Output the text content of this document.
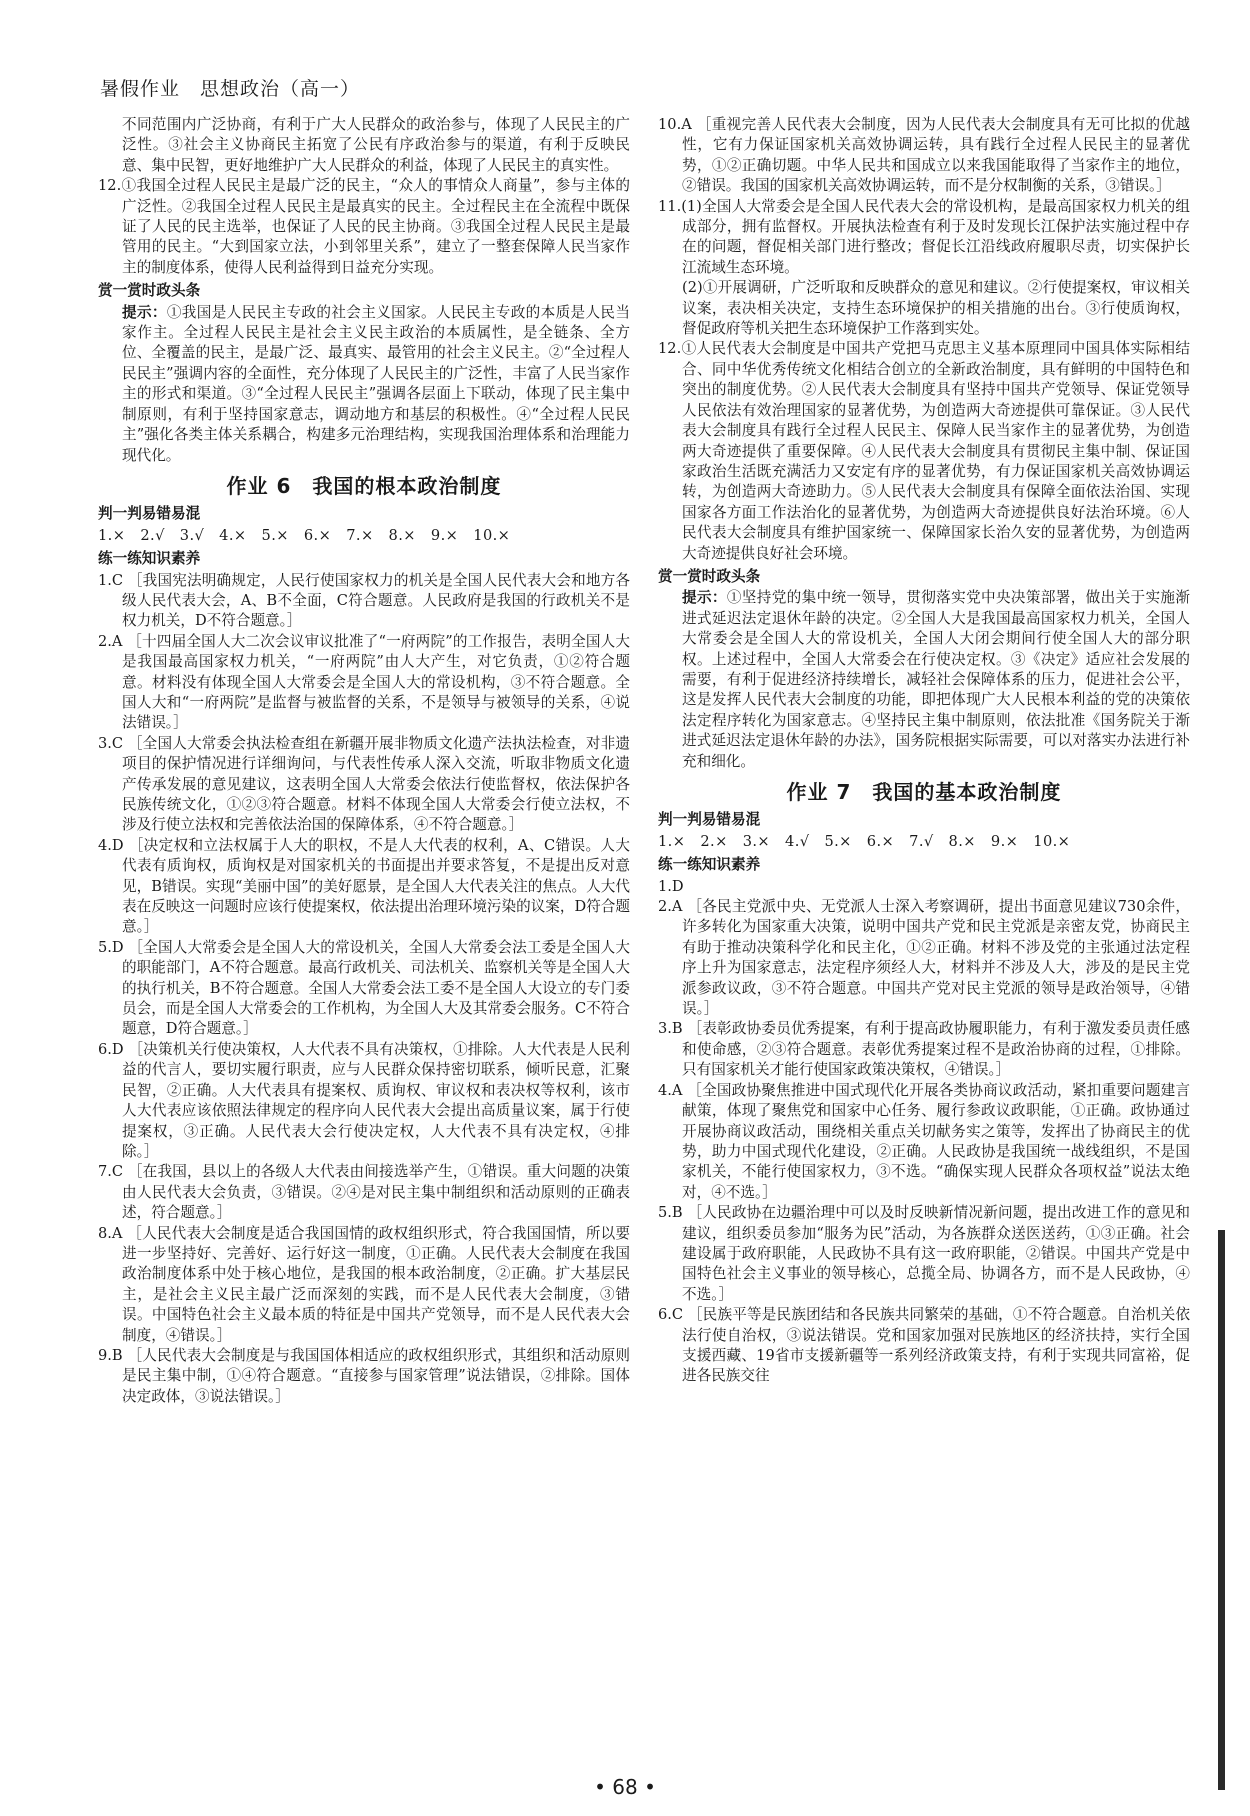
暑假作业　思想政治（高一）

不同范围内广泛协商，有利于广大人民群众的政治参与，体现了人民民主的广泛性。③社会主义协商民主拓宽了公民有序政治参与的渠道，有利于反映民意、集中民智，更好地维护广大人民群众的利益，体现了人民民主的真实性。

12.①我国全过程人民民主是最广泛的民主，“众人的事情众人商量”，参与主体的广泛性。②我国全过程人民民主是最真实的民主。全过程民主在全流程中既保证了人民的民主选举，也保证了人民的民主协商。③我国全过程人民民主是最管用的民主。“大到国家立法，小到邻里关系”，建立了一整套保障人民当家作主的制度体系，使得人民利益得到日益充分实现。

赏一赏时政头条

提示：①我国是人民民主专政的社会主义国家。人民民主专政的本质是人民当家作主。全过程人民民主是社会主义民主政治的本质属性，是全链条、全方位、全覆盖的民主，是最广泛、最真实、最管用的社会主义民主。②“全过程人民民主”强调内容的全面性，充分体现了人民民主的广泛性，丰富了人民当家作主的形式和渠道。③“全过程人民民主”强调各层面上下联动，体现了民主集中制原则，有利于坚持国家意志，调动地方和基层的积极性。④“全过程人民民主”强化各类主体关系耦合，构建多元治理结构，实现我国治理体系和治理能力现代化。

作业 6　我国的根本政治制度

判一判易错易混

1.×　2.√　3.√　4.×　5.×　6.×　7.×　8.×　9.×　10.×

练一练知识素养

1.C ［我国宪法明确规定，人民行使国家权力的机关是全国人民代表大会和地方各级人民代表大会，A、B不全面，C符合题意。人民政府是我国的行政机关不是权力机关，D不符合题意。］

2.A ［十四届全国人大二次会议审议批准了“一府两院”的工作报告，表明全国人大是我国最高国家权力机关，“一府两院”由人大产生，对它负责，①②符合题意。材料没有体现全国人大常委会是全国人大的常设机构，③不符合题意。全国人大和“一府两院”是监督与被监督的关系，不是领导与被领导的关系，④说法错误。］

3.C ［全国人大常委会执法检查组在新疆开展非物质文化遗产法执法检查，对非遗项目的保护情况进行详细询问，与代表性传承人深入交流，听取非物质文化遗产传承发展的意见建议，这表明全国人大常委会依法行使监督权，依法保护各民族传统文化，①②③符合题意。材料不体现全国人大常委会行使立法权，不涉及行使立法权和完善依法治国的保障体系，④不符合题意。］

4.D ［决定权和立法权属于人大的职权，不是人大代表的权利，A、C错误。人大代表有质询权，质询权是对国家机关的书面提出并要求答复，不是提出反对意见，B错误。实现“美丽中国”的美好愿景，是全国人大代表关注的焦点。人大代表在反映这一问题时应该行使提案权，依法提出治理环境污染的议案，D符合题意。］

5.D ［全国人大常委会是全国人大的常设机关，全国人大常委会法工委是全国人大的职能部门，A不符合题意。最高行政机关、司法机关、监察机关等是全国人大的执行机关，B不符合题意。全国人大常委会法工委不是全国人大设立的专门委员会，而是全国人大常委会的工作机构，为全国人大及其常委会服务。C不符合题意，D符合题意。］

6.D ［决策机关行使决策权，人大代表不具有决策权，①排除。人大代表是人民利益的代言人，要切实履行职责，应与人民群众保持密切联系，倾听民意，汇聚民智，②正确。人大代表具有提案权、质询权、审议权和表决权等权利，该市人大代表应该依照法律规定的程序向人民代表大会提出高质量议案，属于行使提案权，③正确。人民代表大会行使决定权，人大代表不具有决定权，④排除。］

7.C ［在我国，县以上的各级人大代表由间接选举产生，①错误。重大问题的决策由人民代表大会负责，③错误。②④是对民主集中制组织和活动原则的正确表述，符合题意。］

8.A ［人民代表大会制度是适合我国国情的政权组织形式，符合我国国情，所以要进一步坚持好、完善好、运行好这一制度，①正确。人民代表大会制度在我国政治制度体系中处于核心地位，是我国的根本政治制度，②正确。扩大基层民主，是社会主义民主最广泛而深刻的实践，而不是人民代表大会制度，③错误。中国特色社会主义最本质的特征是中国共产党领导，而不是人民代表大会制度，④错误。］

9.B ［人民代表大会制度是与我国国体相适应的政权组织形式，其组织和活动原则是民主集中制，①④符合题意。“直接参与国家管理”说法错误，②排除。国体决定政体，③说法错误。］

10.A ［重视完善人民代表大会制度，因为人民代表大会制度具有无可比拟的优越性，它有力保证国家机关高效协调运转，具有践行全过程人民民主的显著优势，①②正确切题。中华人民共和国成立以来我国能取得了当家作主的地位，②错误。我国的国家机关高效协调运转，而不是分权制衡的关系，③错误。］

11.(1)全国人大常委会是全国人民代表大会的常设机构，是最高国家权力机关的组成部分，拥有监督权。开展执法检查有利于及时发现长江保护法实施过程中存在的问题，督促相关部门进行整改；督促长江沿线政府履职尽责，切实保护长江流域生态环境。

(2)①开展调研，广泛听取和反映群众的意见和建议。②行使提案权，审议相关议案，表决相关决定，支持生态环境保护的相关措施的出台。③行使质询权，督促政府等机关把生态环境保护工作落到实处。

12.①人民代表大会制度是中国共产党把马克思主义基本原理同中国具体实际相结合、同中华优秀传统文化相结合创立的全新政治制度，具有鲜明的中国特色和突出的制度优势。②人民代表大会制度具有坚持中国共产党领导、保证党领导人民依法有效治理国家的显著优势，为创造两大奇迹提供可靠保证。③人民代表大会制度具有践行全过程人民民主、保障人民当家作主的显著优势，为创造两大奇迹提供了重要保障。④人民代表大会制度具有贯彻民主集中制、保证国家政治生活既充满活力又安定有序的显著优势，有力保证国家机关高效协调运转，为创造两大奇迹助力。⑤人民代表大会制度具有保障全面依法治国、实现国家各方面工作法治化的显著优势，为创造两大奇迹提供良好法治环境。⑥人民代表大会制度具有维护国家统一、保障国家长治久安的显著优势，为创造两大奇迹提供良好社会环境。

赏一赏时政头条

提示：①坚持党的集中统一领导，贯彻落实党中央决策部署，做出关于实施渐进式延迟法定退休年龄的决定。②全国人大是我国最高国家权力机关，全国人大常委会是全国人大的常设机关，全国人大闭会期间行使全国人大的部分职权。上述过程中，全国人大常委会在行使决定权。③《决定》适应社会发展的需要，有利于促进经济持续增长，减轻社会保障体系的压力，促进社会公平，这是发挥人民代表大会制度的功能，即把体现广大人民根本利益的党的决策依法定程序转化为国家意志。④坚持民主集中制原则，依法批准《国务院关于渐进式延迟法定退休年龄的办法》，国务院根据实际需要，可以对落实办法进行补充和细化。

作业 7　我国的基本政治制度

判一判易错易混

1.×　2.×　3.×　4.√　5.×　6.×　7.√　8.×　9.×　10.×

练一练知识素养

1.D

2.A ［各民主党派中央、无党派人士深入考察调研，提出书面意见建议730余件，许多转化为国家重大决策，说明中国共产党和民主党派是亲密友党，协商民主有助于推动决策科学化和民主化，①②正确。材料不涉及党的主张通过法定程序上升为国家意志，法定程序须经人大，材料并不涉及人大，涉及的是民主党派参政议政，③不符合题意。中国共产党对民主党派的领导是政治领导，④错误。］

3.B ［表彰政协委员优秀提案，有利于提高政协履职能力，有利于激发委员责任感和使命感，②③符合题意。表彰优秀提案过程不是政治协商的过程，①排除。只有国家机关才能行使国家政策决策权，④错误。］

4.A ［全国政协聚焦推进中国式现代化开展各类协商议政活动，紧扣重要问题建言献策，体现了聚焦党和国家中心任务、履行参政议政职能，①正确。政协通过开展协商议政活动，围绕相关重点关切献务实之策等，发挥出了协商民主的优势，助力中国式现代化建设，②正确。人民政协是我国统一战线组织，不是国家机关，不能行使国家权力，③不选。“确保实现人民群众各项权益”说法太绝对，④不选。］

5.B ［人民政协在边疆治理中可以及时反映新情况新问题，提出改进工作的意见和建议，组织委员参加“服务为民”活动，为各族群众送医送药，①③正确。社会建设属于政府职能，人民政协不具有这一政府职能，②错误。中国共产党是中国特色社会主义事业的领导核心，总揽全局、协调各方，而不是人民政协，④不选。］

6.C ［民族平等是民族团结和各民族共同繁荣的基础，①不符合题意。自治机关依法行使自治权，③说法错误。党和国家加强对民族地区的经济扶持，实行全国支援西藏、19省市支援新疆等一系列经济政策支持，有利于实现共同富裕，促进各民族交往

• 68 •
